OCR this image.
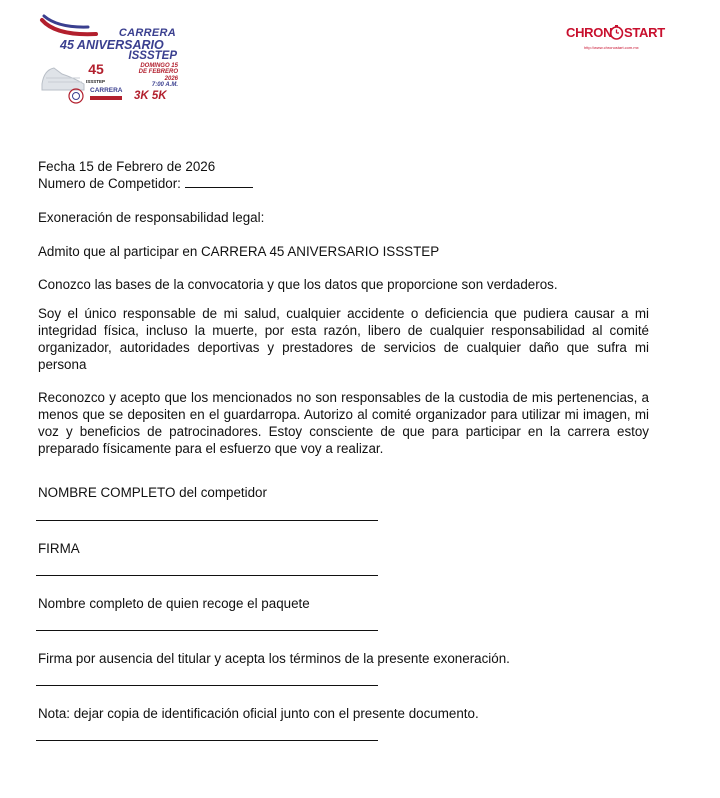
CARRERA
45 ANIVERSARIO
ISSSTEP
45
ISSSTEP
DOMINGO 15
DE FEBRERO
2026
7:00 A.M.
CARRERA 3K 5K
CHRON START
http://www.chronostart.com.mx

Fecha 15 de Febrero de 2026

Numero de Competidor:

Exoneración de responsabilidad legal:

Admito que al participar en CARRERA 45 ANIVERSARIO ISSSTEP

Conozco las bases de la convocatoria y que los datos que proporcione son verdaderos.

Soy el único responsable de mi salud, cualquier accidente o deficiencia que pudiera causar a mi integridad física, incluso la muerte, por esta razón, libero de cualquier responsabilidad al comité organizador, autoridades deportivas y prestadores de servicios de cualquier daño que sufra mi persona

Reconozco y acepto que los mencionados no son responsables de la custodia de mis pertenencias, a menos que se depositen en el guardarropa. Autorizo al comité organizador para utilizar mi imagen, mi voz y beneficios de patrocinadores. Estoy consciente de que para participar en la carrera estoy preparado físicamente para el esfuerzo que voy a realizar.

NOMBRE COMPLETO del competidor

FIRMA

Nombre completo de quien recoge el paquete

Firma por ausencia del titular y acepta los términos de la presente exoneración.

Nota: dejar copia de identificación oficial junto con el presente documento.
